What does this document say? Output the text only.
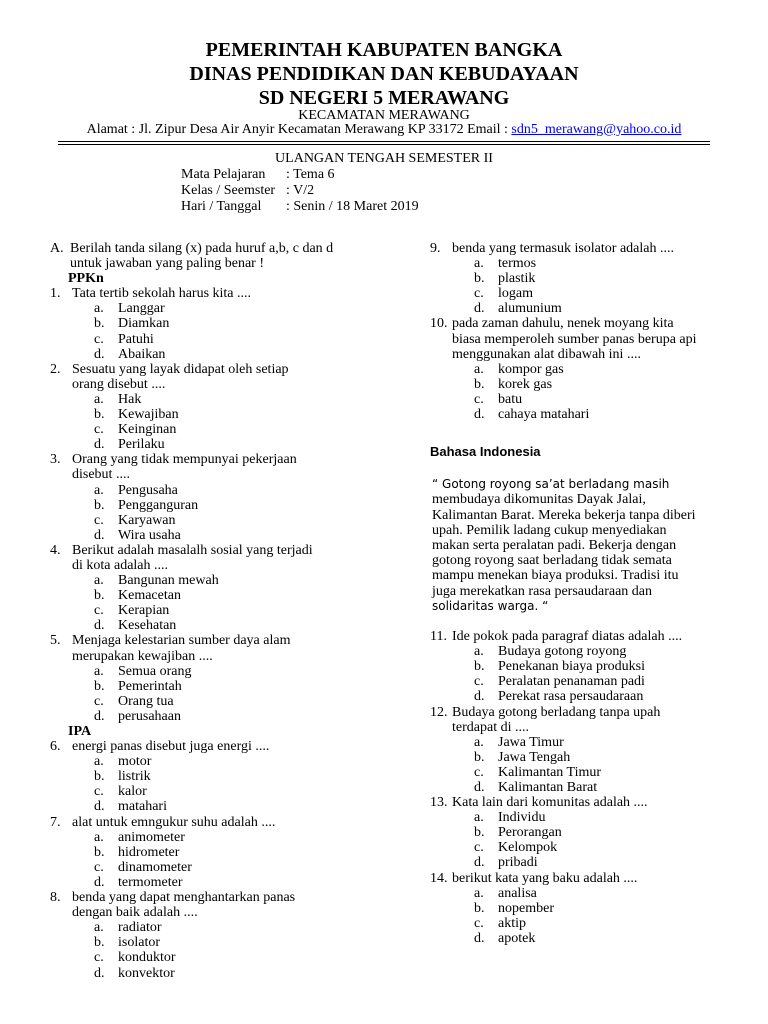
PEMERINTAH KABUPATEN BANGKA
DINAS PENDIDIKAN DAN KEBUDAYAAN
SD NEGERI 5 MERAWANG
KECAMATAN MERAWANG
Alamat : Jl. Zipur Desa Air Anyir Kecamatan Merawang KP 33172 Email : sdn5_merawang@yahoo.co.id
ULANGAN TENGAH SEMESTER II
Mata Pelajaran : Tema 6
Kelas / Seemster : V/2
Hari / Tanggal : Senin / 18 Maret 2019
A. Berilah tanda silang (x) pada huruf a,b, c dan d
untuk jawaban yang paling benar !
PPKn
1. Tata tertib sekolah harus kita ....
a. Langgar
b. Diamkan
c. Patuhi
d. Abaikan
2. Sesuatu yang layak didapat oleh setiap
orang disebut ....
a. Hak
b. Kewajiban
c. Keinginan
d. Perilaku
3. Orang yang tidak mempunyai pekerjaan
disebut ....
a. Pengusaha
b. Pengganguran
c. Karyawan
d. Wira usaha
4. Berikut adalah masalalh sosial yang terjadi
di kota adalah ....
a. Bangunan mewah
b. Kemacetan
c. Kerapian
d. Kesehatan
5. Menjaga kelestarian sumber daya alam
merupakan kewajiban ....
a. Semua orang
b. Pemerintah
c. Orang tua
d. perusahaan
IPA
6. energi panas disebut juga energi ....
a. motor
b. listrik
c. kalor
d. matahari
7. alat untuk emngukur suhu adalah ....
a. animometer
b. hidrometer
c. dinamometer
d. termometer
8. benda yang dapat menghantarkan panas
dengan baik adalah ....
a. radiator
b. isolator
c. konduktor
d. konvektor
9. benda yang termasuk isolator adalah ....
a. termos
b. plastik
c. logam
d. alumunium
10. pada zaman dahulu, nenek moyang kita
biasa memperoleh sumber panas berupa api
menggunakan alat dibawah ini ....
a. kompor gas
b. korek gas
c. batu
d. cahaya matahari
Bahasa Indonesia
“ Gotong royong sa’at berladang masih
membudaya dikomunitas Dayak Jalai,
Kalimantan Barat. Mereka bekerja tanpa diberi
upah. Pemilik ladang cukup menyediakan
makan serta peralatan padi. Bekerja dengan
gotong royong saat berladang tidak semata
mampu menekan biaya produksi. Tradisi itu
juga merekatkan rasa persaudaraan dan
solidaritas warga. “
11. Ide pokok pada paragraf diatas adalah ....
a. Budaya gotong royong
b. Penekanan biaya produksi
c. Peralatan penanaman padi
d. Perekat rasa persaudaraan
12. Budaya gotong berladang tanpa upah
terdapat di ....
a. Jawa Timur
b. Jawa Tengah
c. Kalimantan Timur
d. Kalimantan Barat
13. Kata lain dari komunitas adalah ....
a. Individu
b. Perorangan
c. Kelompok
d. pribadi
14. berikut kata yang baku adalah ....
a. analisa
b. nopember
c. aktip
d. apotek
